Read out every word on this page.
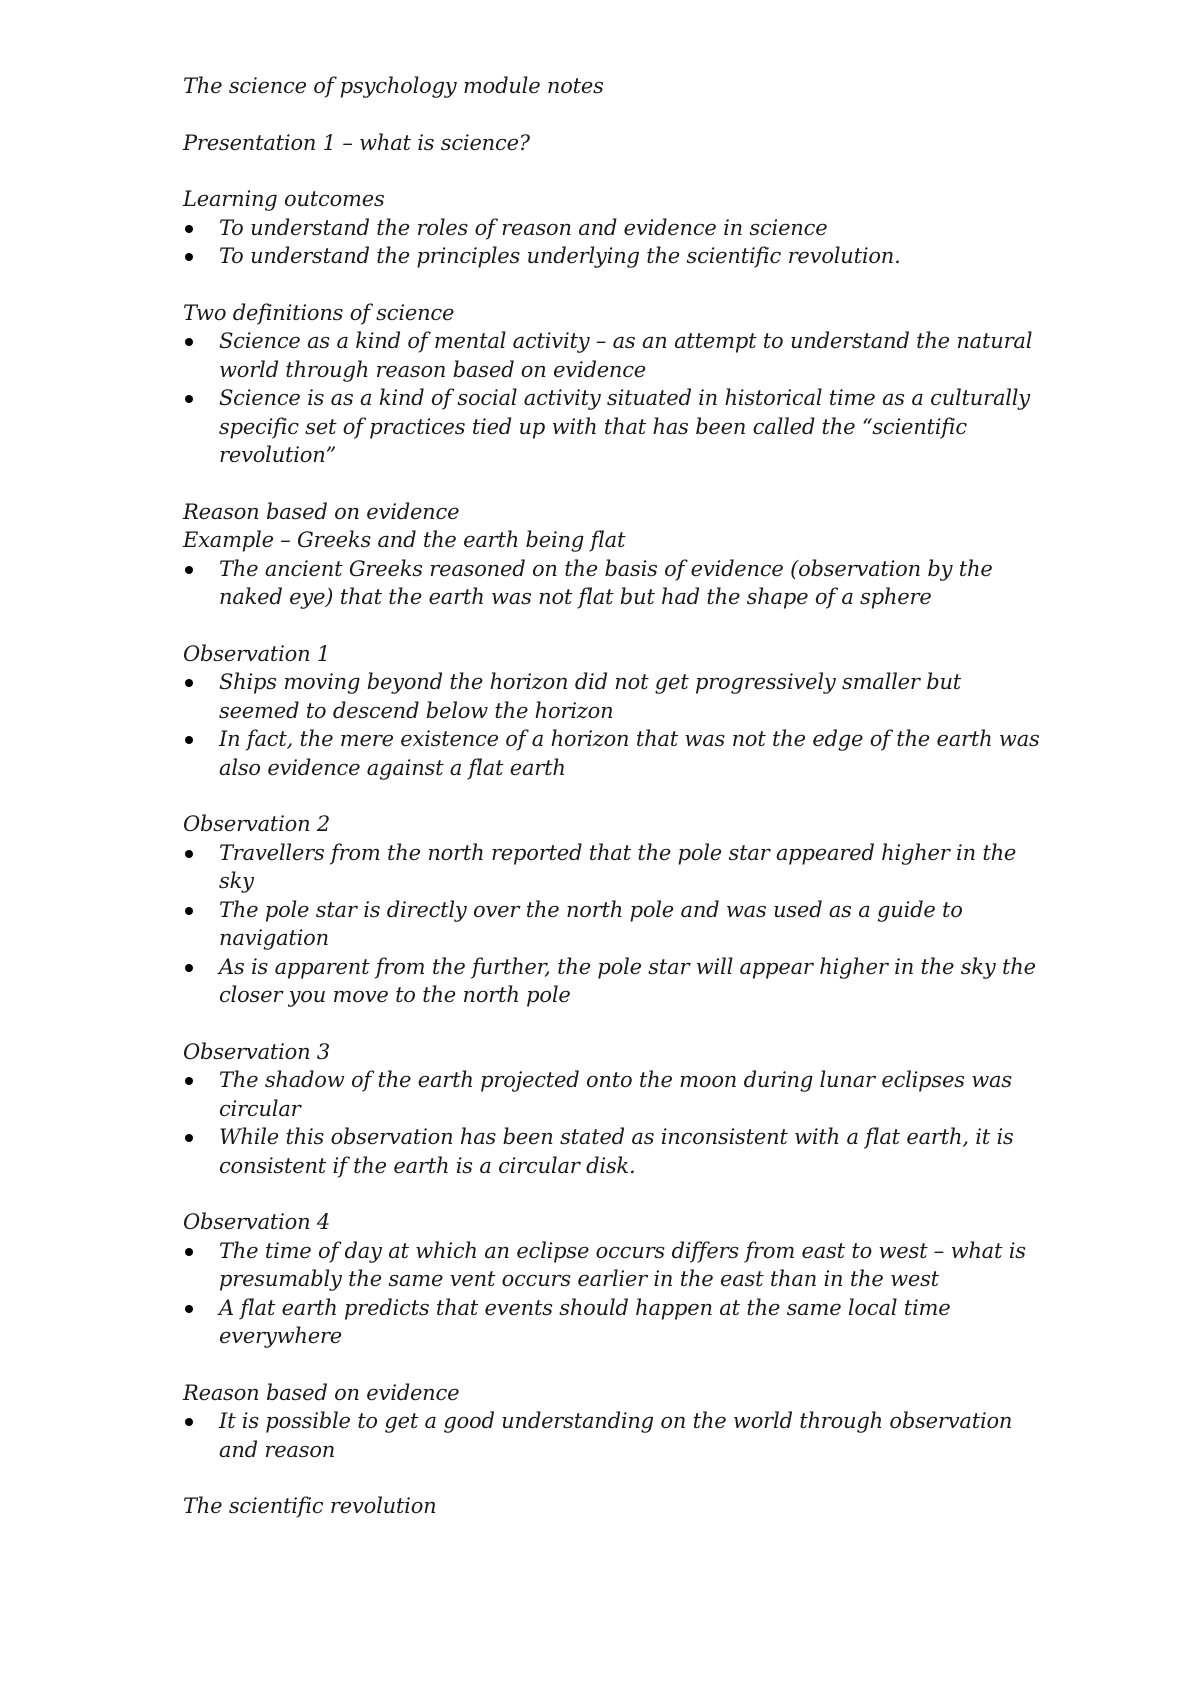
The science of psychology module notes
Presentation 1 – what is science?
Learning outcomes
To understand the roles of reason and evidence in science
To understand the principles underlying the scientific revolution.
Two definitions of science
Science as a kind of mental activity – as an attempt to understand the natural world through reason based on evidence
Science is as a kind of social activity situated in historical time as a culturally specific set of practices tied up with that has been called the “scientific revolution”
Reason based on evidence
Example – Greeks and the earth being flat
The ancient Greeks reasoned on the basis of evidence (observation by the naked eye) that the earth was not flat but had the shape of a sphere
Observation 1
Ships moving beyond the horizon did not get progressively smaller but seemed to descend below the horizon
In fact, the mere existence of a horizon that was not the edge of the earth was also evidence against a flat earth
Observation 2
Travellers from the north reported that the pole star appeared higher in the sky
The pole star is directly over the north pole and was used as a guide to navigation
As is apparent from the further, the pole star will appear higher in the sky the closer you move to the north pole
Observation 3
The shadow of the earth projected onto the moon during lunar eclipses was circular
While this observation has been stated as inconsistent with a flat earth, it is consistent if the earth is a circular disk.
Observation 4
The time of day at which an eclipse occurs differs from east to west – what is presumably the same vent occurs earlier in the east than in the west
A flat earth predicts that events should happen at the same local time everywhere
Reason based on evidence
It is possible to get a good understanding on the world through observation and reason
The scientific revolution
